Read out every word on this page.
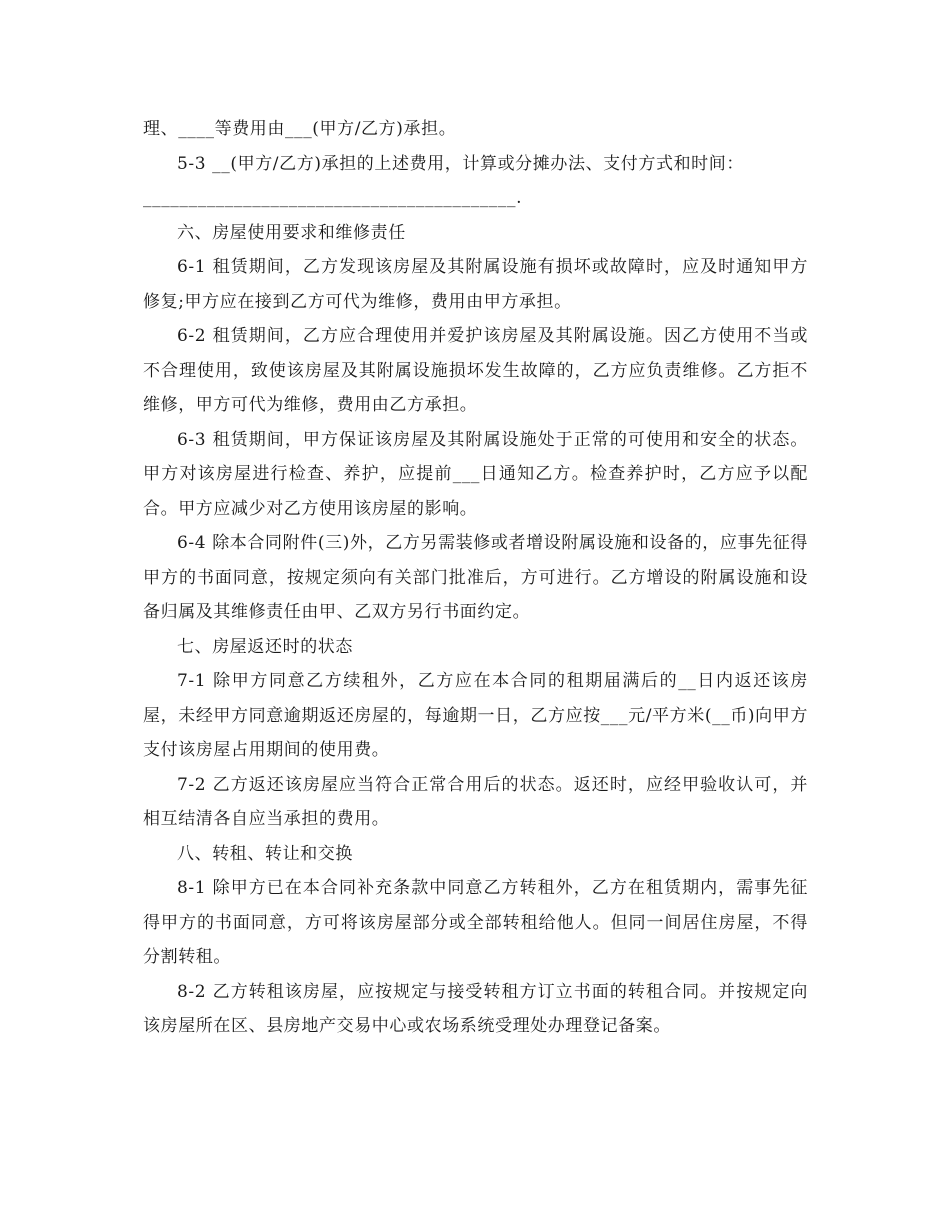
理、____等费用由___(甲方/乙方)承担。

5-3 __(甲方/乙方)承担的上述费用，计算或分摊办法、支付方式和时间：

_________________________________________.

六、房屋使用要求和维修责任

6-1 租赁期间，乙方发现该房屋及其附属设施有损坏或故障时，应及时通知甲方修复;甲方应在接到乙方可代为维修，费用由甲方承担。

6-2 租赁期间，乙方应合理使用并爱护该房屋及其附属设施。因乙方使用不当或不合理使用，致使该房屋及其附属设施损坏发生故障的，乙方应负责维修。乙方拒不维修，甲方可代为维修，费用由乙方承担。

6-3 租赁期间，甲方保证该房屋及其附属设施处于正常的可使用和安全的状态。甲方对该房屋进行检查、养护，应提前___日通知乙方。检查养护时，乙方应予以配合。甲方应减少对乙方使用该房屋的影响。

6-4 除本合同附件(三)外，乙方另需装修或者增设附属设施和设备的，应事先征得甲方的书面同意，按规定须向有关部门批准后，方可进行。乙方增设的附属设施和设备归属及其维修责任由甲、乙双方另行书面约定。

七、房屋返还时的状态

7-1 除甲方同意乙方续租外，乙方应在本合同的租期届满后的__日内返还该房屋，未经甲方同意逾期返还房屋的，每逾期一日，乙方应按___元/平方米(__币)向甲方支付该房屋占用期间的使用费。

7-2 乙方返还该房屋应当符合正常合用后的状态。返还时，应经甲验收认可，并相互结清各自应当承担的费用。

八、转租、转让和交换

8-1 除甲方已在本合同补充条款中同意乙方转租外，乙方在租赁期内，需事先征得甲方的书面同意，方可将该房屋部分或全部转租给他人。但同一间居住房屋，不得分割转租。

8-2 乙方转租该房屋，应按规定与接受转租方订立书面的转租合同。并按规定向该房屋所在区、县房地产交易中心或农场系统受理处办理登记备案。
